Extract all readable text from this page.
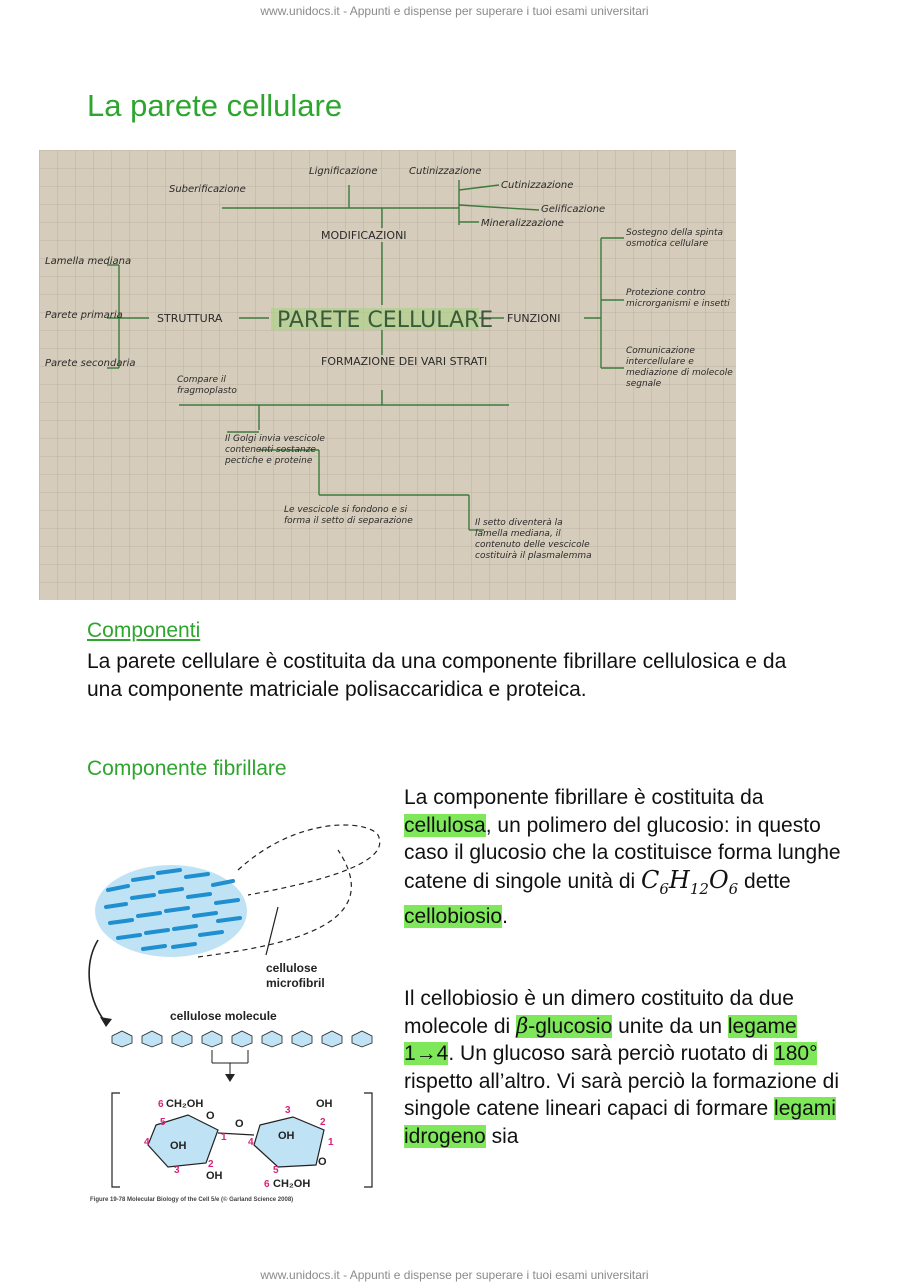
www.unidocs.it - Appunti e dispense per superare i tuoi esami universitari
La parete cellulare
PARETE CELLULARE
MODIFICAZIONI
STRUTTURA	FUNZIONI
FORMAZIONE DEI VARI STRATI
Suberificazione
Lignificazione	Cutinizzazione
Cutinizzazione
Gelificazione
Mineralizzazione
Lamella mediana
Parete primaria
Parete secondaria
Sostegno della spinta osmotica cellulare
Protezione contro microrganismi e insetti
Comunicazione intercellulare e mediazione di molecole segnale
Compare il fragmoplasto
Il Golgi invia vescicole contenenti sostanze pectiche e proteine
Le vescicole si fondono e si forma il setto di separazione	Il setto diventerà la lamella mediana, il contenuto delle vescicole costituirà il plasmalemma
Componenti
La parete cellulare è costituita da una componente fibrillare cellulosica e da una componente matriciale polisaccaridica e proteica.
Componente fibrillare
La componente fibrillare è costituita da cellulosa, un polimero del glucosio: in questo caso il glucosio che la costituisce forma lunghe catene di singole unità di $C_6H_{12}O_6$ dette cellobiosio.
Il cellobiosio è un dimero costituito da due molecole di β-glucosio unite da un legame 1→4. Un glucoso sarà perciò ruotato di 180° rispetto all’altro. Vi sarà perciò la formazione di singole catene lineari capaci di formare legami idrogeno sia
cellulose
microfibril
cellulose molecule
CH₂OH
CH₂OH
O
O
O
OH
OH
OH
OH
6
5
4
3
2
1 4
3
2
1
5
6
Figure 19-78 Molecular Biology of the Cell 5/e (© Garland Science 2008)
www.unidocs.it - Appunti e dispense per superare i tuoi esami universitari
